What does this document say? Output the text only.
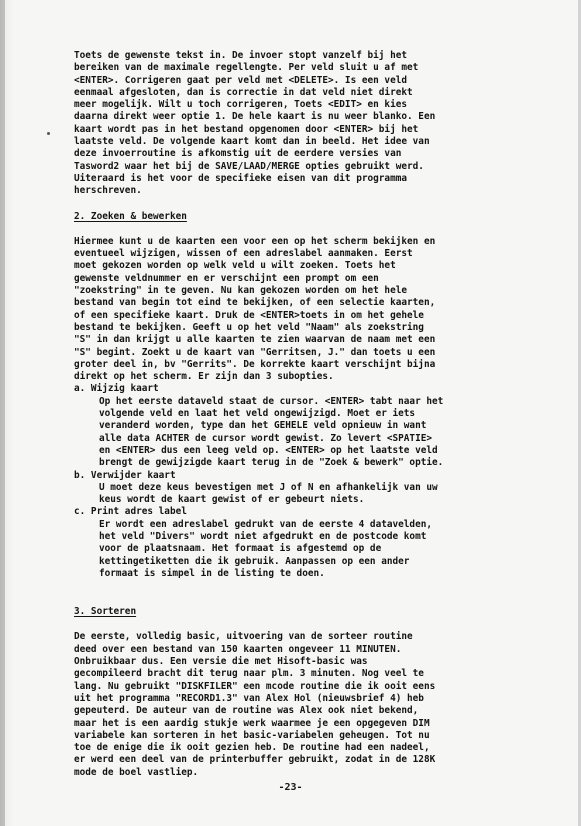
Toets de gewenste tekst in. De invoer stopt vanzelf bij het

bereiken van de maximale regellengte. Per veld sluit u af met

<ENTER>. Corrigeren gaat per veld met <DELETE>. Is een veld

eenmaal afgesloten, dan is correctie in dat veld niet direkt

meer mogelijk. Wilt u toch corrigeren, Toets <EDIT> en kies

daarna direkt weer optie 1. De hele kaart is nu weer blanko. Een

kaart wordt pas in het bestand opgenomen door <ENTER> bij het

laatste veld. De volgende kaart komt dan in beeld. Het idee van

deze invoerroutine is afkomstig uit de eerdere versies van

Tasword2 waar het bij de SAVE/LAAD/MERGE opties gebruikt werd.

Uiteraard is het voor de specifieke eisen van dit programma

herschreven.

2. Zoeken & bewerken

Hiermee kunt u de kaarten een voor een op het scherm bekijken en

eventueel wijzigen, wissen of een adreslabel aanmaken. Eerst

moet gekozen worden op welk veld u wilt zoeken. Toets het

gewenste veldnummer en er verschijnt een prompt om een

"zoekstring" in te geven. Nu kan gekozen worden om het hele

bestand van begin tot eind te bekijken, of een selectie kaarten,

of een specifieke kaart. Druk de <ENTER>toets in om het gehele

bestand te bekijken. Geeft u op het veld "Naam" als zoekstring

"S" in dan krijgt u alle kaarten te zien waarvan de naam met een

"S" begint. Zoekt u de kaart van "Gerritsen, J." dan toets u een

groter deel in, bv "Gerrits". De korrekte kaart verschijnt bijna

direkt op het scherm. Er zijn dan 3 subopties.

a. Wijzig kaart

Op het eerste dataveld staat de cursor. <ENTER> tabt naar het

volgende veld en laat het veld ongewijzigd. Moet er iets

veranderd worden, type dan het GEHELE veld opnieuw in want

alle data ACHTER de cursor wordt gewist. Zo levert <SPATIE>

en <ENTER> dus een leeg veld op. <ENTER> op het laatste veld

brengt de gewijzigde kaart terug in de "Zoek & bewerk" optie.

b. Verwijder kaart

U moet deze keus bevestigen met J of N en afhankelijk van uw

keus wordt de kaart gewist of er gebeurt niets.

c. Print adres label

Er wordt een adreslabel gedrukt van de eerste 4 datavelden,

het veld "Divers" wordt niet afgedrukt en de postcode komt

voor de plaatsnaam. Het formaat is afgestemd op de

kettingetiketten die ik gebruik. Aanpassen op een ander

formaat is simpel in de listing te doen.

3. Sorteren

De eerste, volledig basic, uitvoering van de sorteer routine

deed over een bestand van 150 kaarten ongeveer 11 MINUTEN.

Onbruikbaar dus. Een versie die met Hisoft-basic was

gecompileerd bracht dit terug naar plm. 3 minuten. Nog veel te

lang. Nu gebruikt "DISKFILER" een mcode routine die ik ooit eens

uit het programma "RECORD1.3" van Alex Hol (nieuwsbrief 4) heb

gepeuterd. De auteur van de routine was Alex ook niet bekend,

maar het is een aardig stukje werk waarmee je een opgegeven DIM

variabele kan sorteren in het basic-variabelen geheugen. Tot nu

toe de enige die ik ooit gezien heb. De routine had een nadeel,

er werd een deel van de printerbuffer gebruikt, zodat in de 128K

mode de boel vastliep.

-23-
